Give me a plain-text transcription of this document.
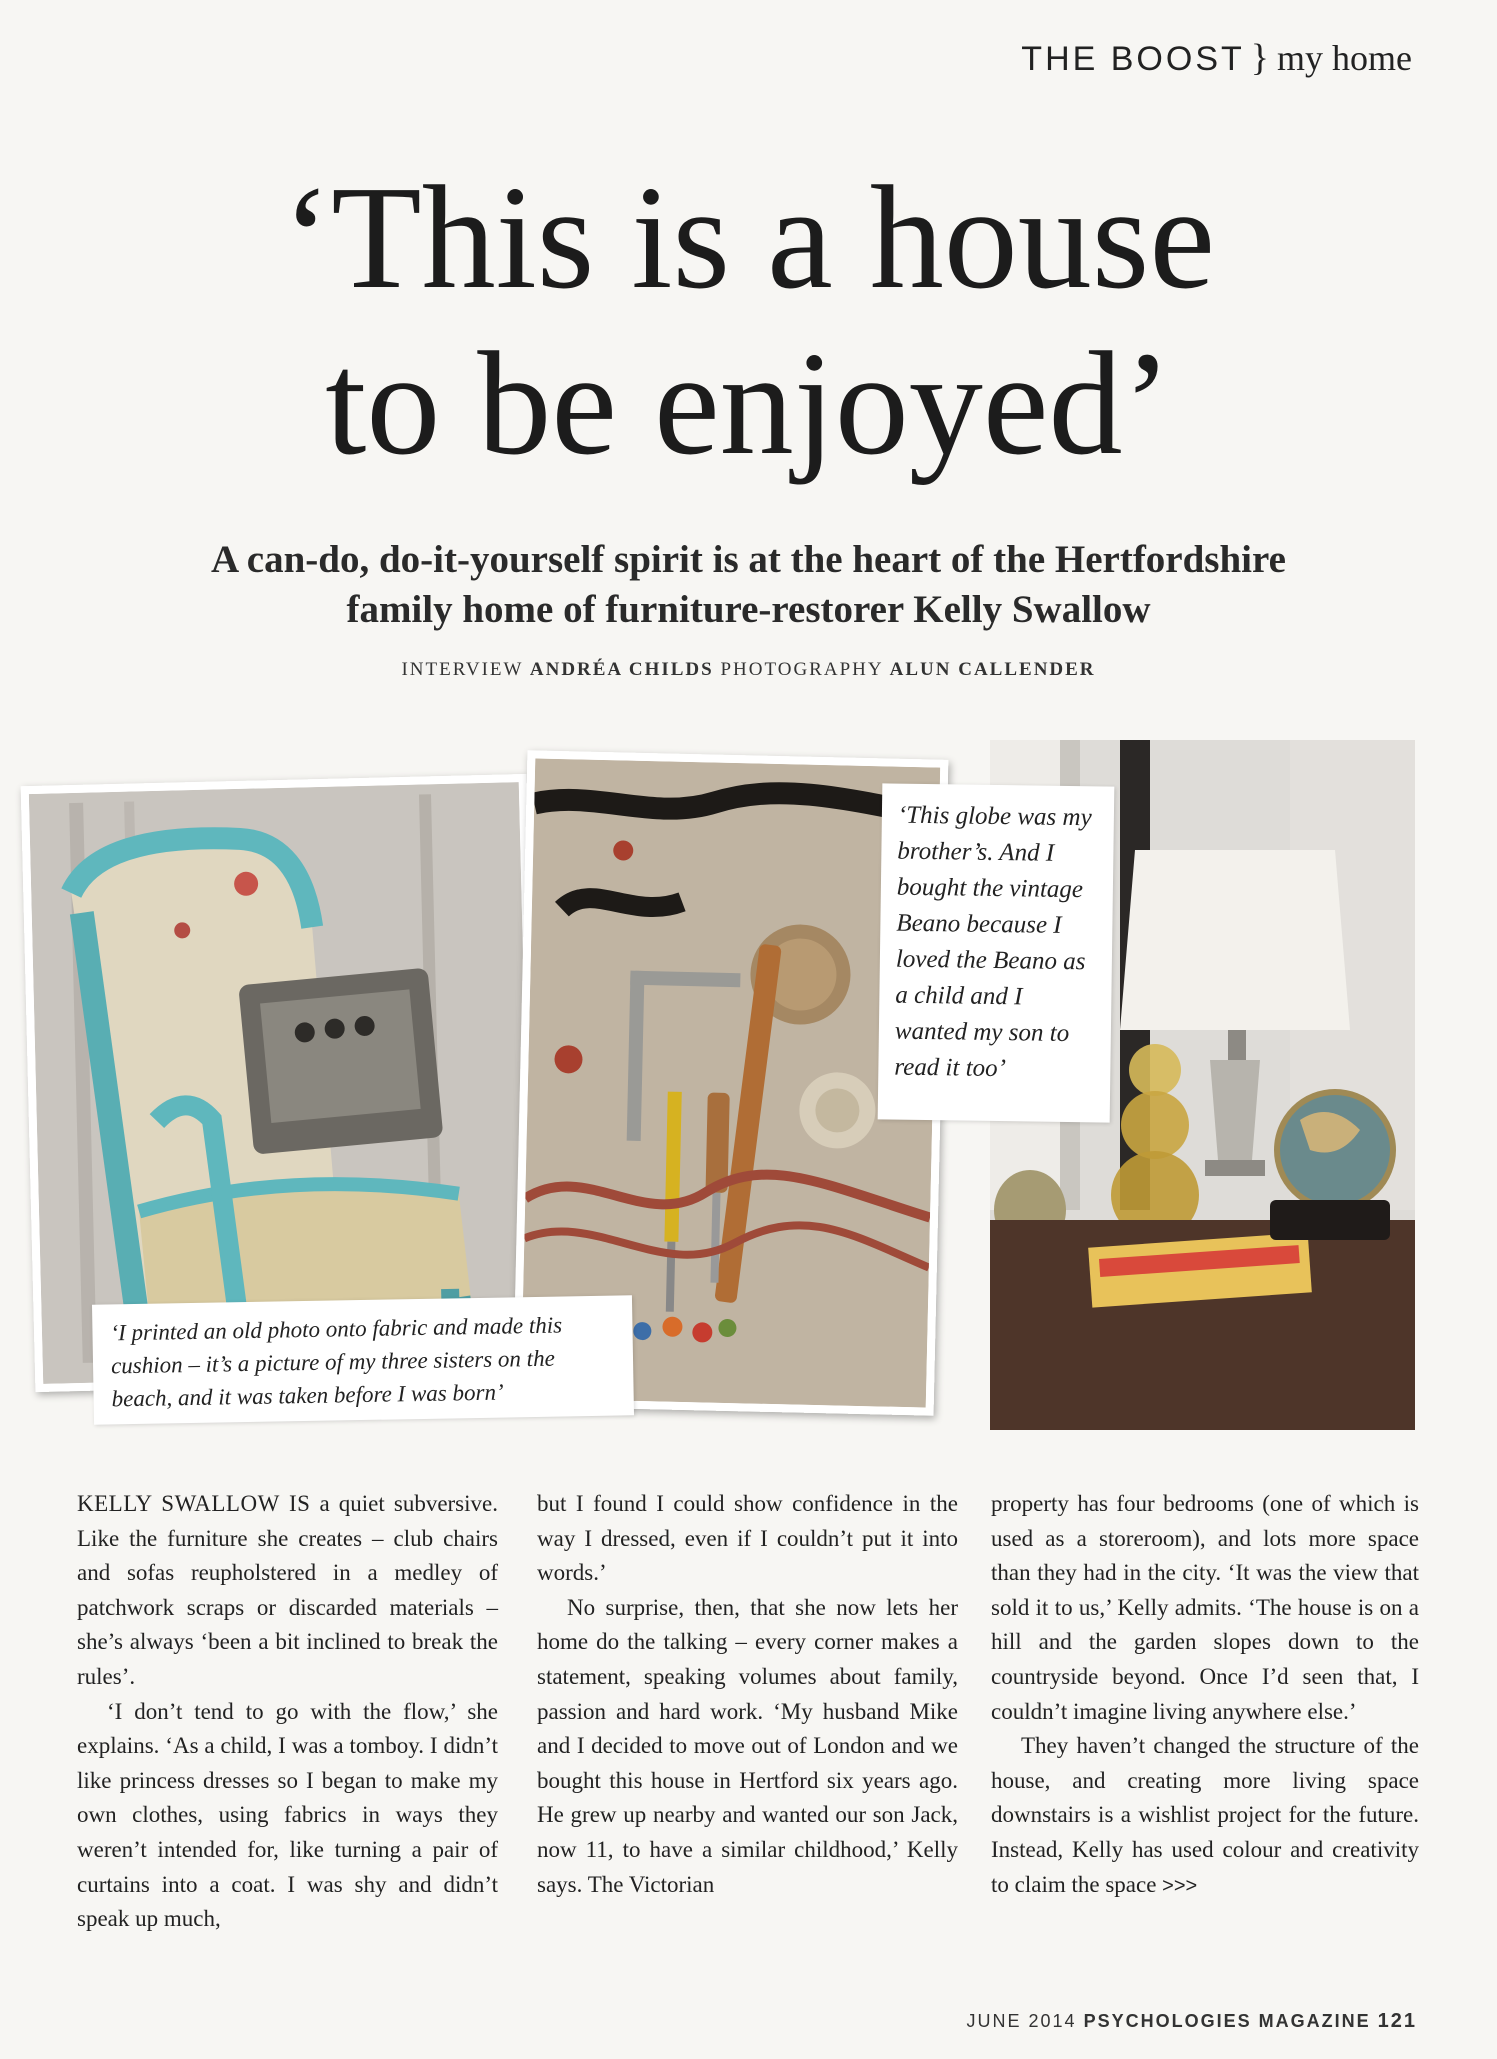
THE BOOST } my home
‘This is a house
to be enjoyed’
A can-do, do-it-yourself spirit is at the heart of the Hertfordshire
family home of furniture-restorer Kelly Swallow
INTERVIEW ANDRÉA CHILDS PHOTOGRAPHY ALUN CALLENDER
‘I printed an old photo onto fabric and made this cushion – it’s a picture of my three sisters on the beach, and it was taken before I was born’
‘This globe was my brother’s. And I bought the vintage Beano because I loved the Beano as a child and I wanted my son to read it too’

KELLY SWALLOW IS a quiet subversive. Like the furniture she creates – club chairs and sofas reupholstered in a medley of patchwork scraps or discarded materials – she’s always ‘been a bit inclined to break the rules’.

‘I don’t tend to go with the flow,’ she explains. ‘As a child, I was a tomboy. I didn’t like princess dresses so I began to make my own clothes, using fabrics in ways they weren’t intended for, like turning a pair of curtains into a coat. I was shy and didn’t speak up much,

but I found I could show confidence in the way I dressed, even if I couldn’t put it into words.’

No surprise, then, that she now lets her home do the talking – every corner makes a statement, speaking volumes about family, passion and hard work. ‘My husband Mike and I decided to move out of London and we bought this house in Hertford six years ago. He grew up nearby and wanted our son Jack, now 11, to have a similar childhood,’ Kelly says. The Victorian

property has four bedrooms (one of which is used as a storeroom), and lots more space than they had in the city. ‘It was the view that sold it to us,’ Kelly admits. ‘The house is on a hill and the garden slopes down to the countryside beyond. Once I’d seen that, I couldn’t imagine living anywhere else.’

They haven’t changed the structure of the house, and creating more living space downstairs is a wishlist project for the future. Instead, Kelly has used colour and creativity to claim the space >>>

JUNE 2014 PSYCHOLOGIES MAGAZINE 121
